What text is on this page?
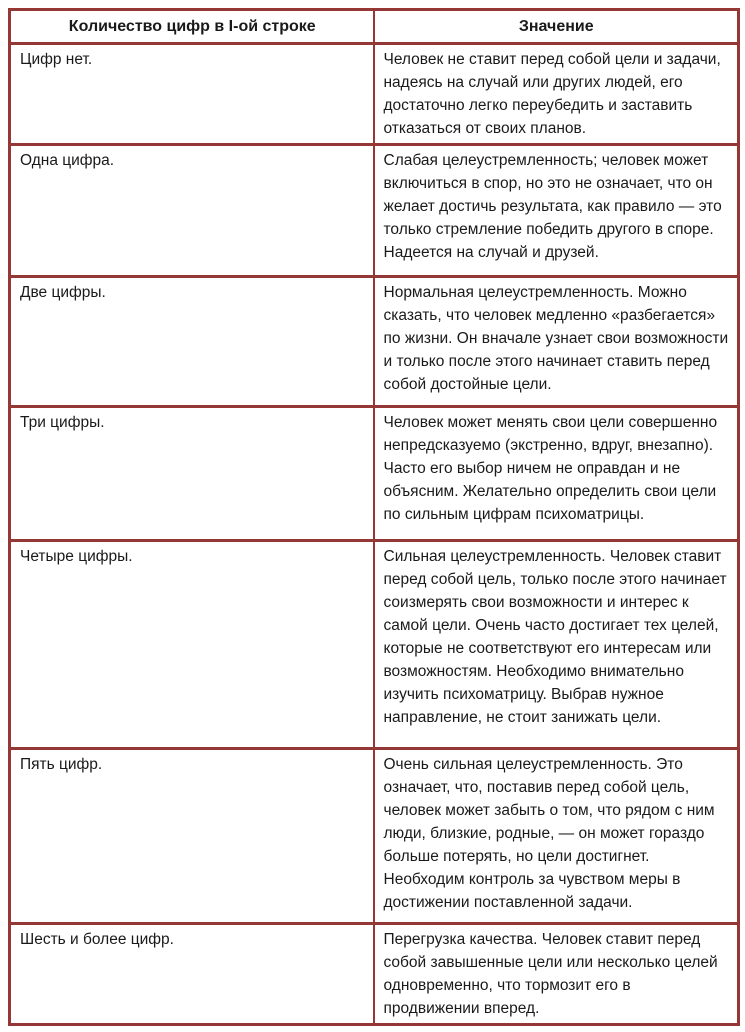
Количество цифр в I-ой строке	Значение
Цифр нет.	Человек не ставит перед собой цели и задачи, надеясь на случай или других людей, его достаточно легко переубедить и заставить отказаться от своих планов.
Одна цифра.	Слабая целеустремленность; человек может включиться в спор, но это не означает, что он желает достичь результата, как правило — это только стремление победить другого в споре. Надеется на случай и друзей.
Две цифры.	Нормальная целеустремленность. Можно сказать, что человек медленно «разбегается» по жизни. Он вначале узнает свои возможности и только после этого начинает ставить перед собой достойные цели.
Три цифры.	Человек может менять свои цели совершенно непредсказуемо (экстренно, вдруг, внезапно). Часто его выбор ничем не оправдан и не объясним. Желательно определить свои цели по сильным цифрам психоматрицы.
Четыре цифры.	Сильная целеустремленность. Человек ставит перед собой цель, только после этого начинает соизмерять свои возможности и интерес к самой цели. Очень часто достигает тех целей, которые не соответствуют его интересам или возможностям. Необходимо внимательно изучить психоматрицу. Выбрав нужное направление, не стоит занижать цели.
Пять цифр.	Очень сильная целеустремленность. Это означает, что, поставив перед собой цель, человек может забыть о том, что рядом с ним люди, близкие, родные, — он может гораздо больше потерять, но цели достигнет. Необходим контроль за чувством меры в достижении поставленной задачи.
Шесть и более цифр.	Перегрузка качества. Человек ставит перед собой завышенные цели или несколько целей одновременно, что тормозит его в продвижении вперед.
